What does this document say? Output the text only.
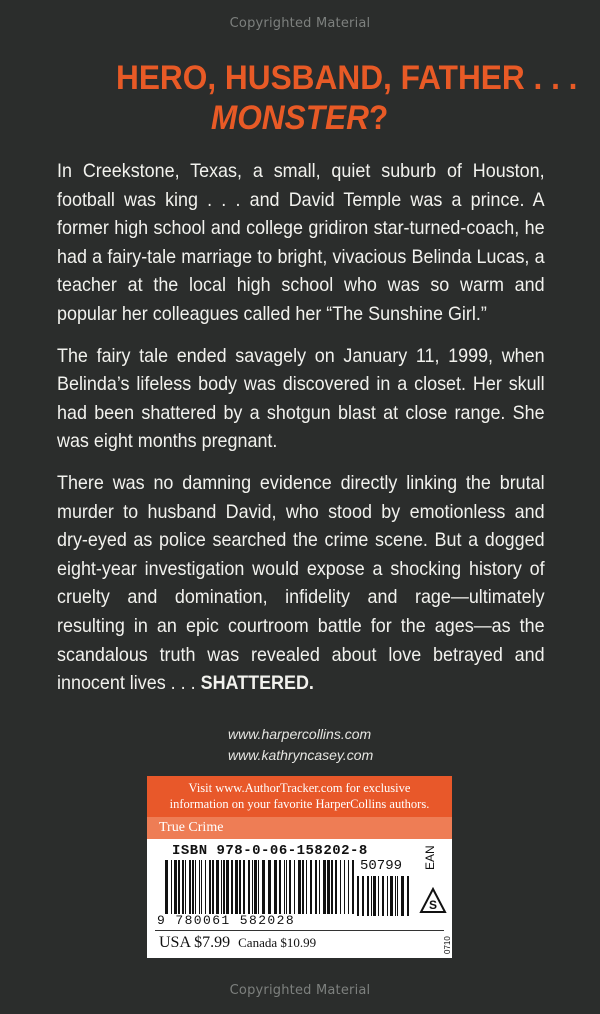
Copyrighted Material
HERO, HUSBAND, FATHER . . .
MONSTER?

In Creekstone, Texas, a small, quiet suburb of Houston, football was king . . . and David Temple was a prince. A former high school and college gridiron star-turned-coach, he had a fairy-tale marriage to bright, vivacious Belinda Lucas, a teacher at the local high school who was so warm and popular her colleagues called her “The Sunshine Girl.”

The fairy tale ended savagely on January 11, 1999, when Belinda’s lifeless body was discovered in a closet. Her skull had been shattered by a shotgun blast at close range. She was eight months pregnant.

There was no damning evidence directly linking the brutal murder to husband David, who stood by emotionless and dry-eyed as police searched the crime scene. But a dogged eight-year investigation would expose a shocking history of cruelty and domination, infidelity and rage—ultimately resulting in an epic courtroom battle for the ages—as the scandalous truth was revealed about love betrayed and innocent lives . . . SHATTERED.

www.harpercollins.com
www.kathryncasey.com
Visit www.AuthorTracker.com for exclusive
information on your favorite HarperCollins authors.
True Crime
ISBN 978-0-06-158202-8
50799 EAN
S
9 780061 582028
USA $7.99 Canada $10.99	0710
Copyrighted Material
